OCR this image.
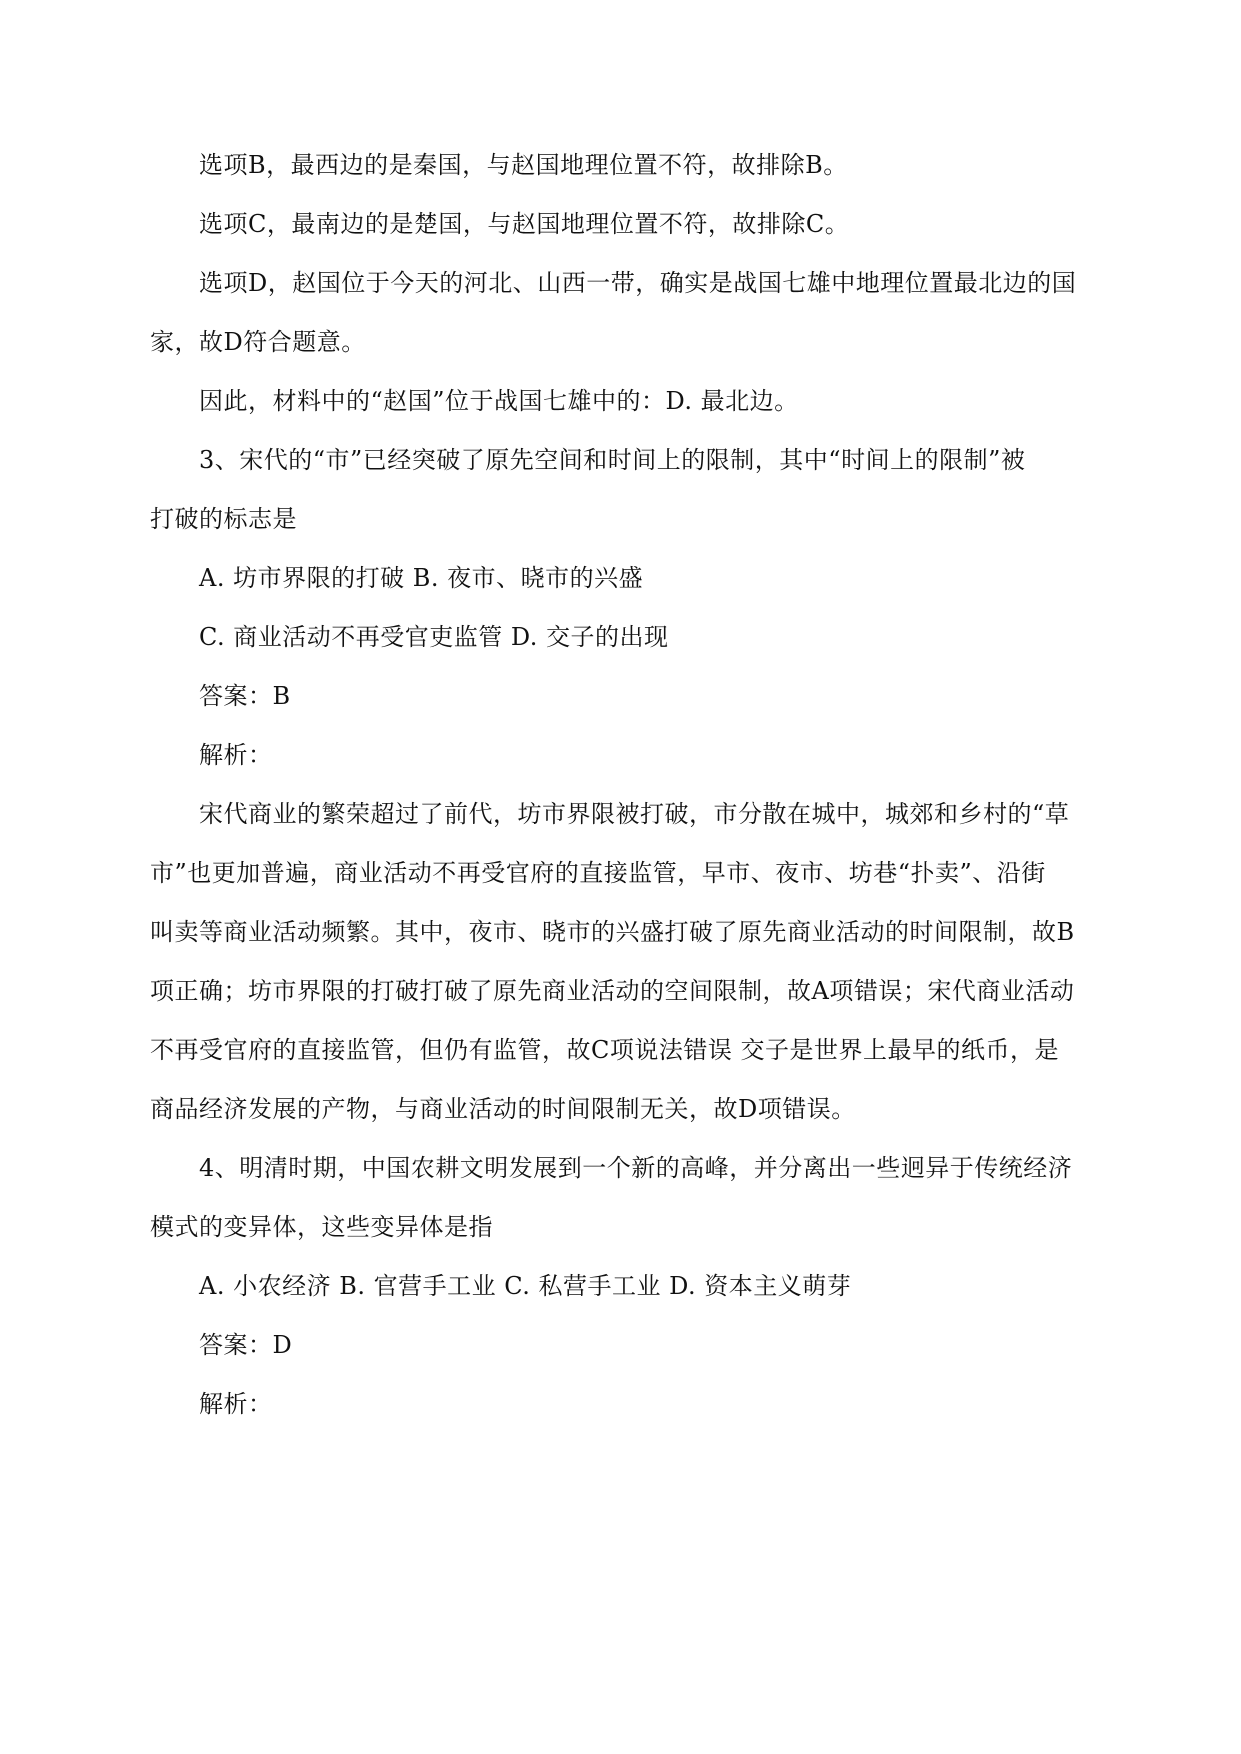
选项B，最西边的是秦国，与赵国地理位置不符，故排除B。
选项C，最南边的是楚国，与赵国地理位置不符，故排除C。
选项D，赵国位于今天的河北、山西一带，确实是战国七雄中地理位置最北边的国
家，故D符合题意。
因此，材料中的“赵国”位于战国七雄中的：D. 最北边。
3、宋代的“市”已经突破了原先空间和时间上的限制，其中“时间上的限制”被
打破的标志是
A. 坊市界限的打破 B. 夜市、晓市的兴盛
C. 商业活动不再受官吏监管 D. 交子的出现
答案：B
解析：
宋代商业的繁荣超过了前代，坊市界限被打破，市分散在城中，城郊和乡村的“草
市”也更加普遍，商业活动不再受官府的直接监管，早市、夜市、坊巷“扑卖”、沿街
叫卖等商业活动频繁。其中，夜市、晓市的兴盛打破了原先商业活动的时间限制，故B
项正确；坊市界限的打破打破了原先商业活动的空间限制，故A项错误；宋代商业活动
不再受官府的直接监管，但仍有监管，故C项说法错误 交子是世界上最早的纸币，是
商品经济发展的产物，与商业活动的时间限制无关，故D项错误。
4、明清时期，中国农耕文明发展到一个新的高峰，并分离出一些迥异于传统经济
模式的变异体，这些变异体是指
A. 小农经济 B. 官营手工业 C. 私营手工业 D. 资本主义萌芽
答案：D
解析：
